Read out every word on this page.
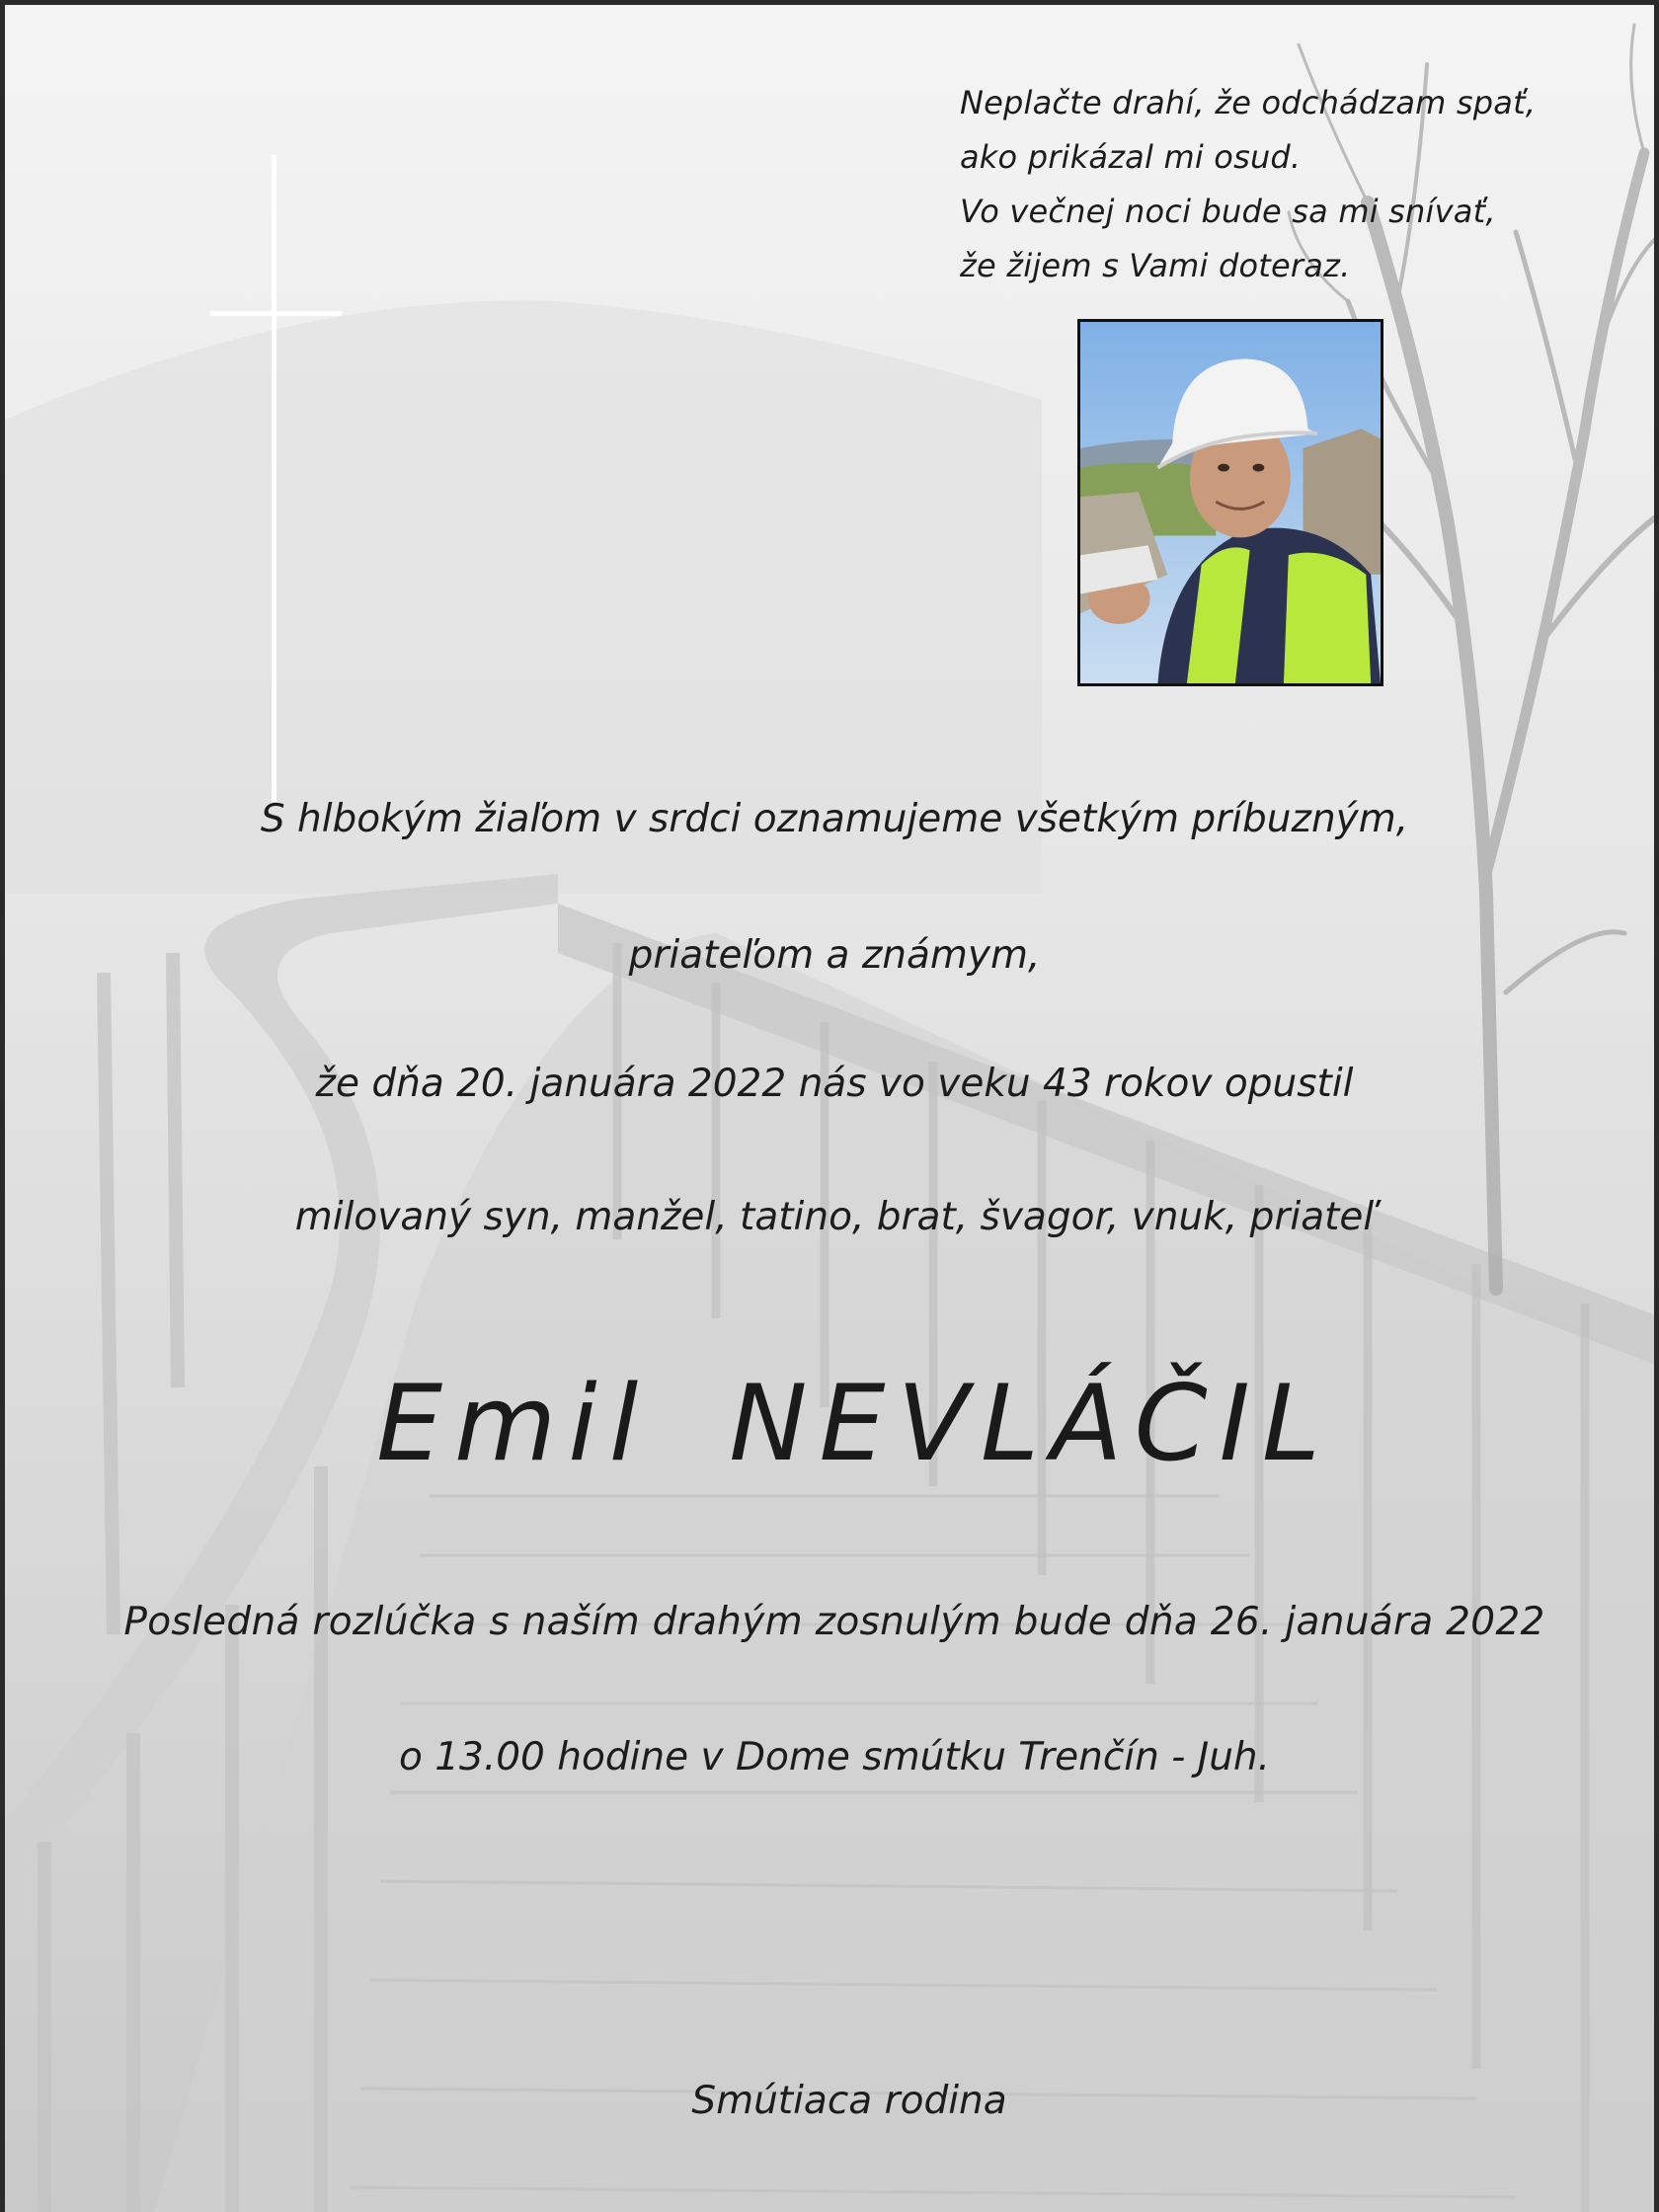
Neplačte drahí, že odchádzam spať,
ako prikázal mi osud.
Vo večnej noci bude sa mi snívať,
že žijem s Vami doteraz.

S hlbokým žiaľom v srdci oznamujeme všetkým príbuzným,

priateľom a známym,

že dňa 20. januára 2022 nás vo veku 43 rokov opustil

milovaný syn, manžel, tatino, brat, švagor, vnuk, priateľ

Emil NEVLÁČIL

Posledná rozlúčka s naším drahým zosnulým bude dňa 26. januára 2022

o 13.00 hodine v Dome smútku Trenčín - Juh.

Smútiaca rodina
